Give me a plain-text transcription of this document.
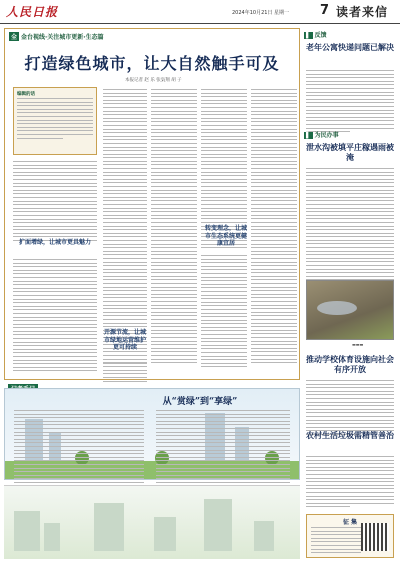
人民日报	2024年10月21日 星期一 7 读者来信
全 金台视线·关注城市更新·生态篇
打造绿色城市，让大自然触手可及
本报记者 赵 乐 张枭翔 胡 子
编辑的话
扩面增绿，让城市更具魅力
转变理念，让城市生态系统更健康宜居
开源节流，让城市绿地运营维护更可持续
从“赏绿”到“享绿”
▌ 反馈
老年公寓快递问题已解决
▌ 为民办事
泄水沟被填平庄稼遇雨被淹
▬▬▬
推动学校体育设施向社会有序开放
农村生活垃圾需精管善治
征 集
